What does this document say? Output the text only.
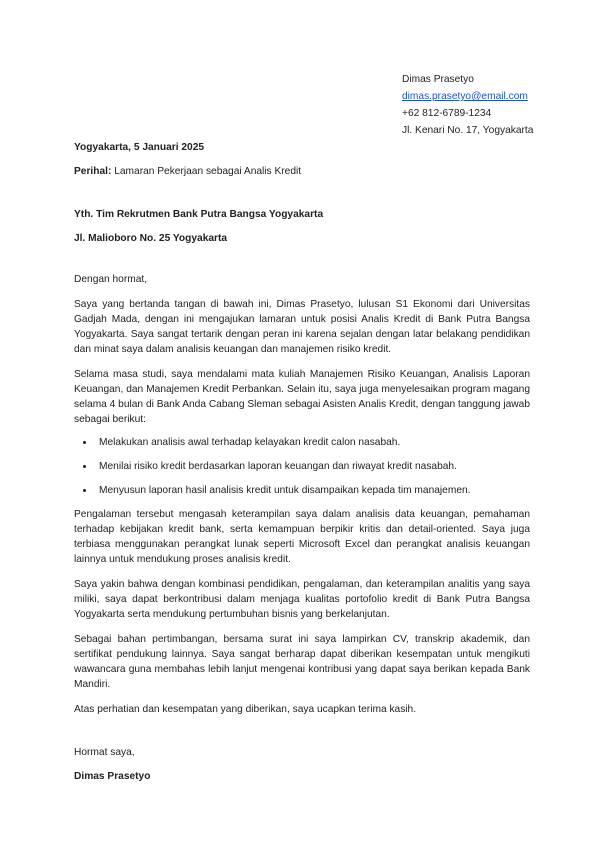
Dimas Prasetyo
dimas.prasetyo@email.com
+62 812-6789-1234
Jl. Kenari No. 17, Yogyakarta

Yogyakarta, 5 Januari 2025

Perihal: Lamaran Pekerjaan sebagai Analis Kredit

Yth. Tim Rekrutmen Bank Putra Bangsa Yogyakarta

Jl. Malioboro No. 25 Yogyakarta

Dengan hormat,

Saya yang bertanda tangan di bawah ini, Dimas Prasetyo, lulusan S1 Ekonomi dari Universitas Gadjah Mada, dengan ini mengajukan lamaran untuk posisi Analis Kredit di Bank Putra Bangsa Yogyakarta. Saya sangat tertarik dengan peran ini karena sejalan dengan latar belakang pendidikan dan minat saya dalam analisis keuangan dan manajemen risiko kredit.

Selama masa studi, saya mendalami mata kuliah Manajemen Risiko Keuangan, Analisis Laporan Keuangan, dan Manajemen Kredit Perbankan. Selain itu, saya juga menyelesaikan program magang selama 4 bulan di Bank Anda Cabang Sleman sebagai Asisten Analis Kredit, dengan tanggung jawab sebagai berikut:

• Melakukan analisis awal terhadap kelayakan kredit calon nasabah.
• Menilai risiko kredit berdasarkan laporan keuangan dan riwayat kredit nasabah.
• Menyusun laporan hasil analisis kredit untuk disampaikan kepada tim manajemen.

Pengalaman tersebut mengasah keterampilan saya dalam analisis data keuangan, pemahaman terhadap kebijakan kredit bank, serta kemampuan berpikir kritis dan detail-oriented. Saya juga terbiasa menggunakan perangkat lunak seperti Microsoft Excel dan perangkat analisis keuangan lainnya untuk mendukung proses analisis kredit.

Saya yakin bahwa dengan kombinasi pendidikan, pengalaman, dan keterampilan analitis yang saya miliki, saya dapat berkontribusi dalam menjaga kualitas portofolio kredit di Bank Putra Bangsa Yogyakarta serta mendukung pertumbuhan bisnis yang berkelanjutan.

Sebagai bahan pertimbangan, bersama surat ini saya lampirkan CV, transkrip akademik, dan sertifikat pendukung lainnya. Saya sangat berharap dapat diberikan kesempatan untuk mengikuti wawancara guna membahas lebih lanjut mengenai kontribusi yang dapat saya berikan kepada Bank Mandiri.

Atas perhatian dan kesempatan yang diberikan, saya ucapkan terima kasih.

Hormat saya,

Dimas Prasetyo
